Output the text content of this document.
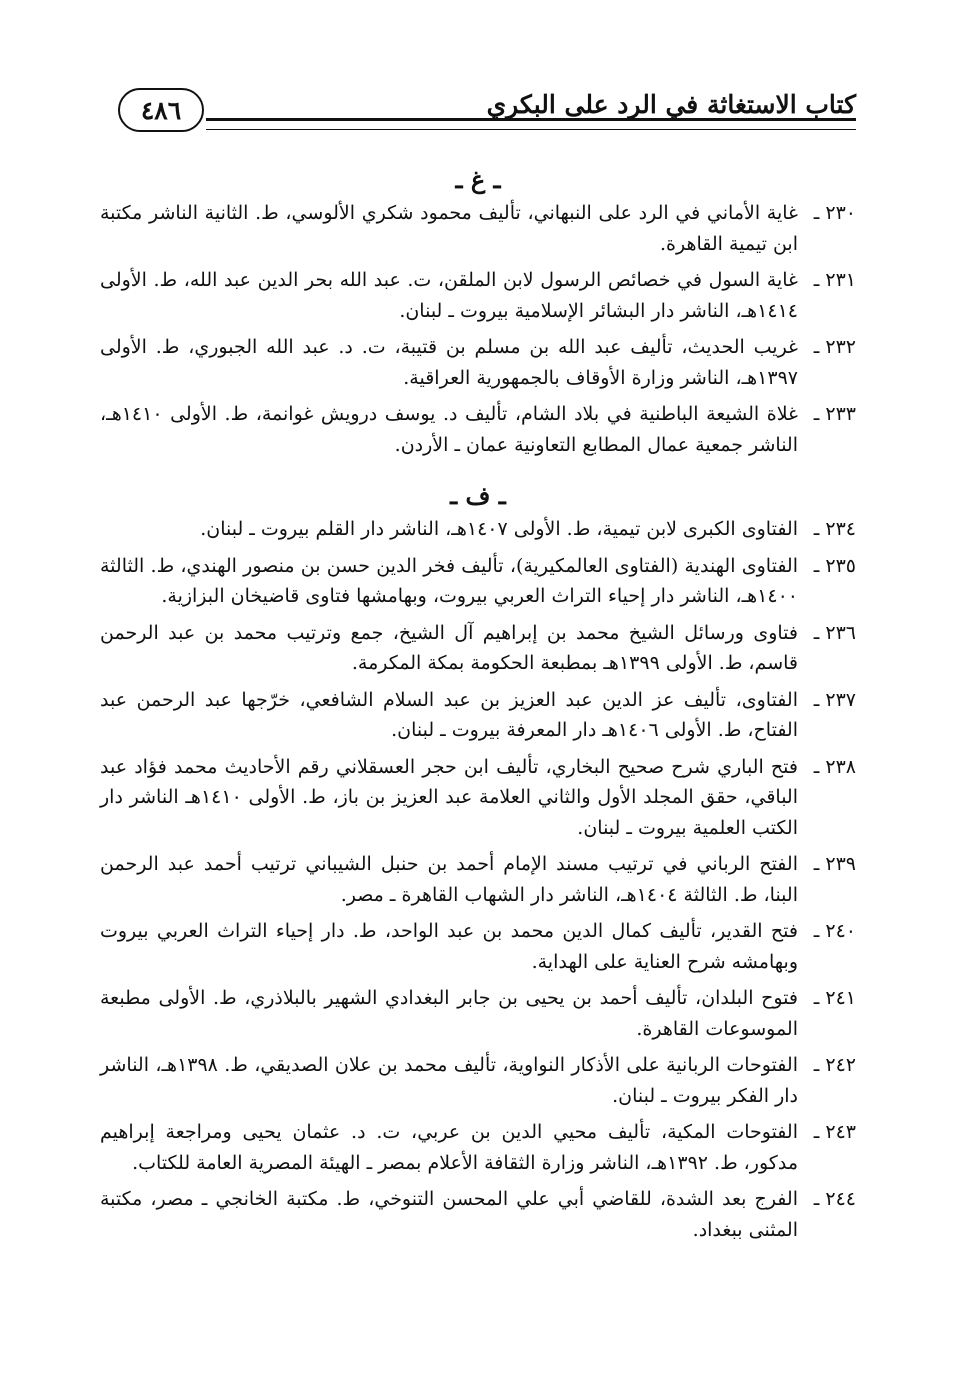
كتاب الاستغاثة في الرد على البكري
٤٨٦
ـ غ ـ
٢٣٠ ـ
غاية الأماني في الرد على النبهاني، تأليف محمود شكري الألوسي، ط. الثانية الناشر مكتبة ابن تيمية القاهرة.
٢٣١ ـ
غاية السول في خصائص الرسول لابن الملقن، ت. عبد الله بحر الدين عبد الله، ط. الأولى ١٤١٤هـ، الناشر دار البشائر الإسلامية بيروت ـ لبنان.
٢٣٢ ـ
غريب الحديث، تأليف عبد الله بن مسلم بن قتيبة، ت. د. عبد الله الجبوري، ط. الأولى ١٣٩٧هـ، الناشر وزارة الأوقاف بالجمهورية العراقية.
٢٣٣ ـ
غلاة الشيعة الباطنية في بلاد الشام، تأليف د. يوسف درويش غوانمة، ط. الأولى ١٤١٠هـ، الناشر جمعية عمال المطابع التعاونية عمان ـ الأردن.
ـ ف ـ
٢٣٤ ـ
الفتاوى الكبرى لابن تيمية، ط. الأولى ١٤٠٧هـ، الناشر دار القلم بيروت ـ لبنان.
٢٣٥ ـ
الفتاوى الهندية (الفتاوى العالمكيرية)، تأليف فخر الدين حسن بن منصور الهندي، ط. الثالثة ١٤٠٠هـ، الناشر دار إحياء التراث العربي بيروت، وبهامشها فتاوى قاضيخان البزازية.
٢٣٦ ـ
فتاوى ورسائل الشيخ محمد بن إبراهيم آل الشيخ، جمع وترتيب محمد بن عبد الرحمن قاسم، ط. الأولى ١٣٩٩هـ بمطبعة الحكومة بمكة المكرمة.
٢٣٧ ـ
الفتاوى، تأليف عز الدين عبد العزيز بن عبد السلام الشافعي، خرّجها عبد الرحمن عبد الفتاح، ط. الأولى ١٤٠٦هـ دار المعرفة بيروت ـ لبنان.
٢٣٨ ـ
فتح الباري شرح صحيح البخاري، تأليف ابن حجر العسقلاني رقم الأحاديث محمد فؤاد عبد الباقي، حقق المجلد الأول والثاني العلامة عبد العزيز بن باز، ط. الأولى ١٤١٠هـ الناشر دار الكتب العلمية بيروت ـ لبنان.
٢٣٩ ـ
الفتح الرباني في ترتيب مسند الإمام أحمد بن حنبل الشيباني ترتيب أحمد عبد الرحمن البنا، ط. الثالثة ١٤٠٤هـ، الناشر دار الشهاب القاهرة ـ مصر.
٢٤٠ ـ
فتح القدير، تأليف كمال الدين محمد بن عبد الواحد، ط. دار إحياء التراث العربي بيروت وبهامشه شرح العناية على الهداية.
٢٤١ ـ
فتوح البلدان، تأليف أحمد بن يحيى بن جابر البغدادي الشهير بالبلاذري، ط. الأولى مطبعة الموسوعات القاهرة.
٢٤٢ ـ
الفتوحات الربانية على الأذكار النواوية، تأليف محمد بن علان الصديقي، ط. ١٣٩٨هـ، الناشر دار الفكر بيروت ـ لبنان.
٢٤٣ ـ
الفتوحات المكية، تأليف محيي الدين بن عربي، ت. د. عثمان يحيى ومراجعة إبراهيم مدكور، ط. ١٣٩٢هـ، الناشر وزارة الثقافة الأعلام بمصر ـ الهيئة المصرية العامة للكتاب.
٢٤٤ ـ
الفرج بعد الشدة، للقاضي أبي علي المحسن التنوخي، ط. مكتبة الخانجي ـ مصر، مكتبة المثنى ببغداد.
